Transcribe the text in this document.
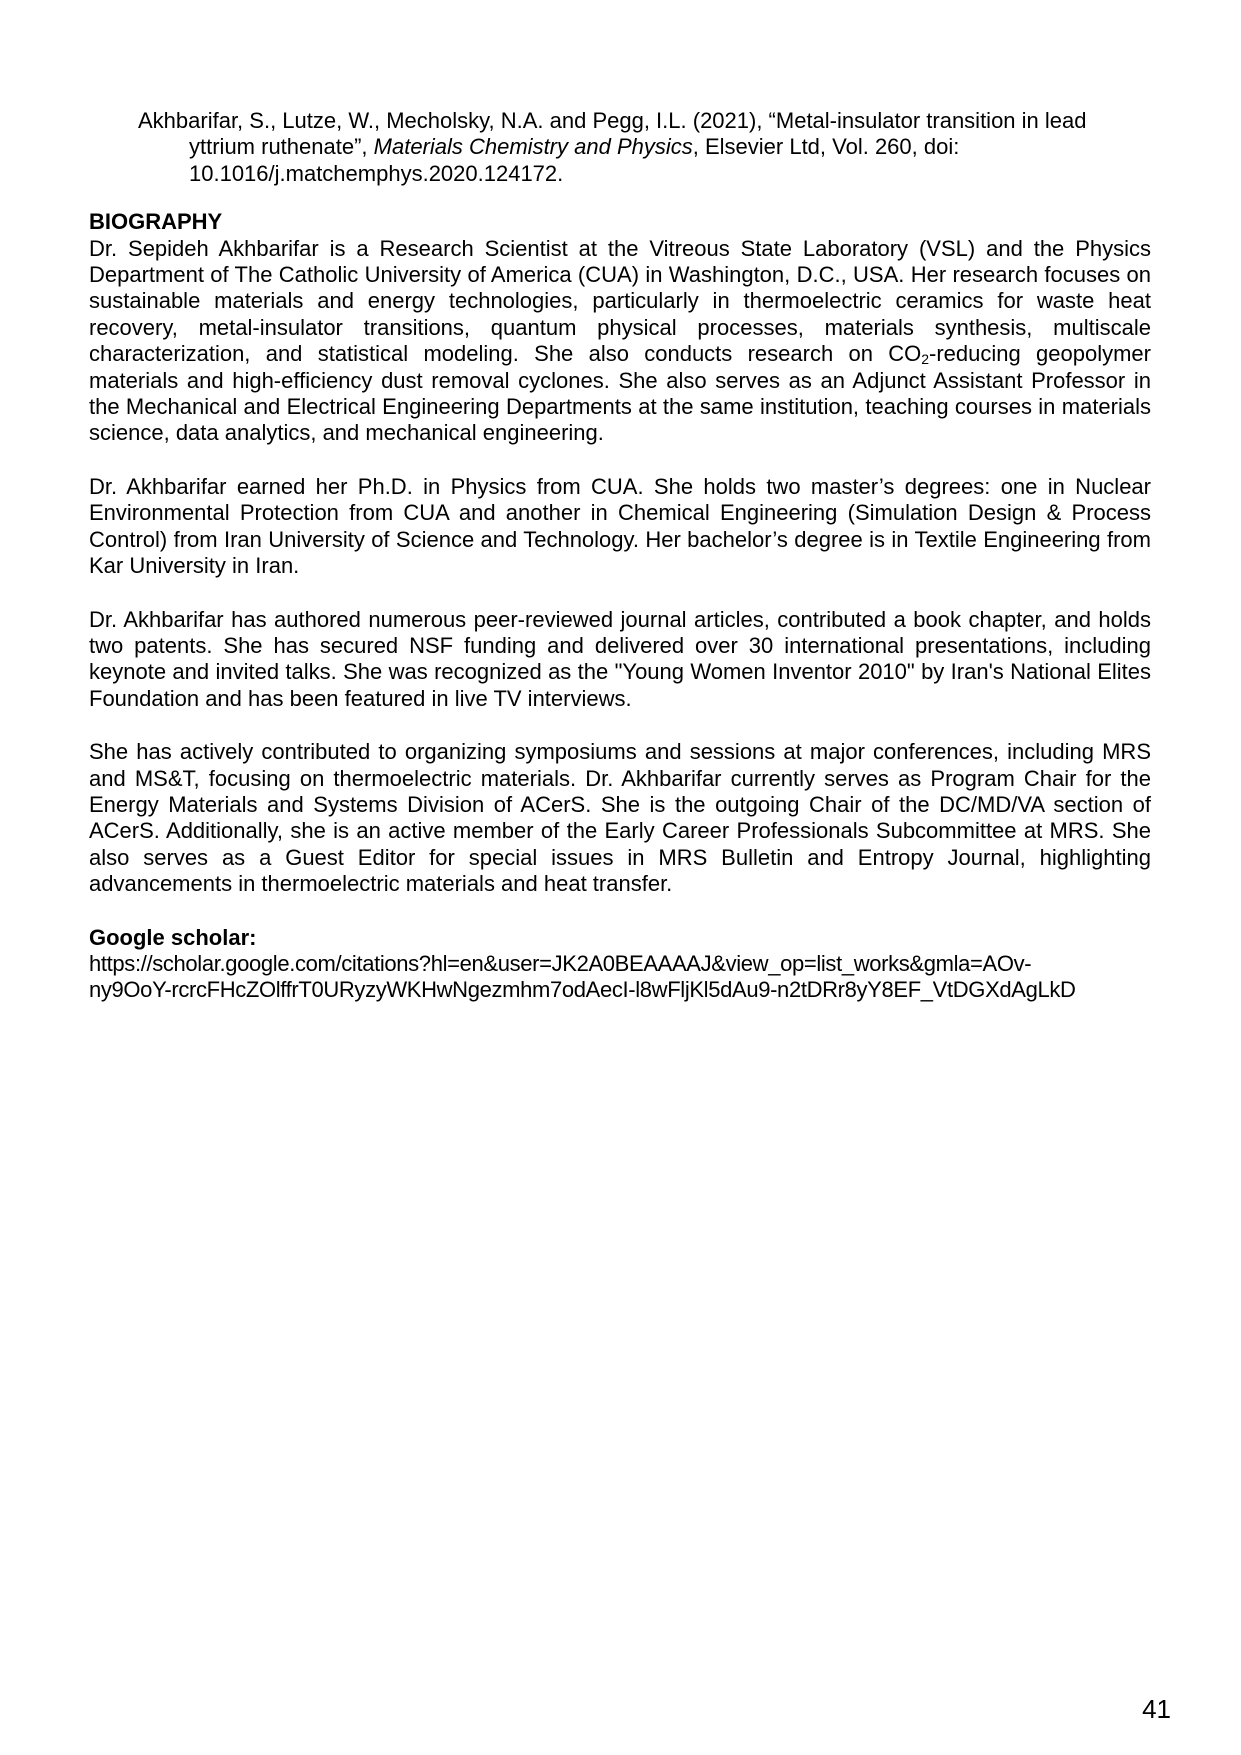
Akhbarifar, S., Lutze, W., Mecholsky, N.A. and Pegg, I.L. (2021), “Metal-insulator transition in lead yttrium ruthenate”, Materials Chemistry and Physics, Elsevier Ltd, Vol. 260, doi: 10.1016/j.matchemphys.2020.124172.

BIOGRAPHY

Dr. Sepideh Akhbarifar is a Research Scientist at the Vitreous State Laboratory (VSL) and the Physics Department of The Catholic University of America (CUA) in Washington, D.C., USA. Her research focuses on sustainable materials and energy technologies, particularly in thermoelectric ceramics for waste heat recovery, metal-insulator transitions, quantum physical processes, materials synthesis, multiscale characterization, and statistical modeling. She also conducts research on $CO_2$-reducing geopolymer materials and high-efficiency dust removal cyclones. She also serves as an Adjunct Assistant Professor in the Mechanical and Electrical Engineering Departments at the same institution, teaching courses in materials science, data analytics, and mechanical engineering.

Dr. Akhbarifar earned her Ph.D. in Physics from CUA. She holds two master’s degrees: one in Nuclear Environmental Protection from CUA and another in Chemical Engineering (Simulation Design & Process Control) from Iran University of Science and Technology. Her bachelor’s degree is in Textile Engineering from Kar University in Iran.

Dr. Akhbarifar has authored numerous peer-reviewed journal articles, contributed a book chapter, and holds two patents. She has secured NSF funding and delivered over 30 international presentations, including keynote and invited talks. She was recognized as the "Young Women Inventor 2010" by Iran's National Elites Foundation and has been featured in live TV interviews.

She has actively contributed to organizing symposiums and sessions at major conferences, including MRS and MS&T, focusing on thermoelectric materials. Dr. Akhbarifar currently serves as Program Chair for the Energy Materials and Systems Division of ACerS. She is the outgoing Chair of the DC/MD/VA section of ACerS. Additionally, she is an active member of the Early Career Professionals Subcommittee at MRS. She also serves as a Guest Editor for special issues in MRS Bulletin and Entropy Journal, highlighting advancements in thermoelectric materials and heat transfer.

Google scholar:

https://scholar.google.com/citations?hl=en&user=JK2A0BEAAAAJ&view_op=list_works&gmla=AOv-
ny9OoY-rcrcFHcZOlffrT0URyzyWKHwNgezmhm7odAecI-l8wFljKl5dAu9-n2tDRr8yY8EF_VtDGXdAgLkD

41
